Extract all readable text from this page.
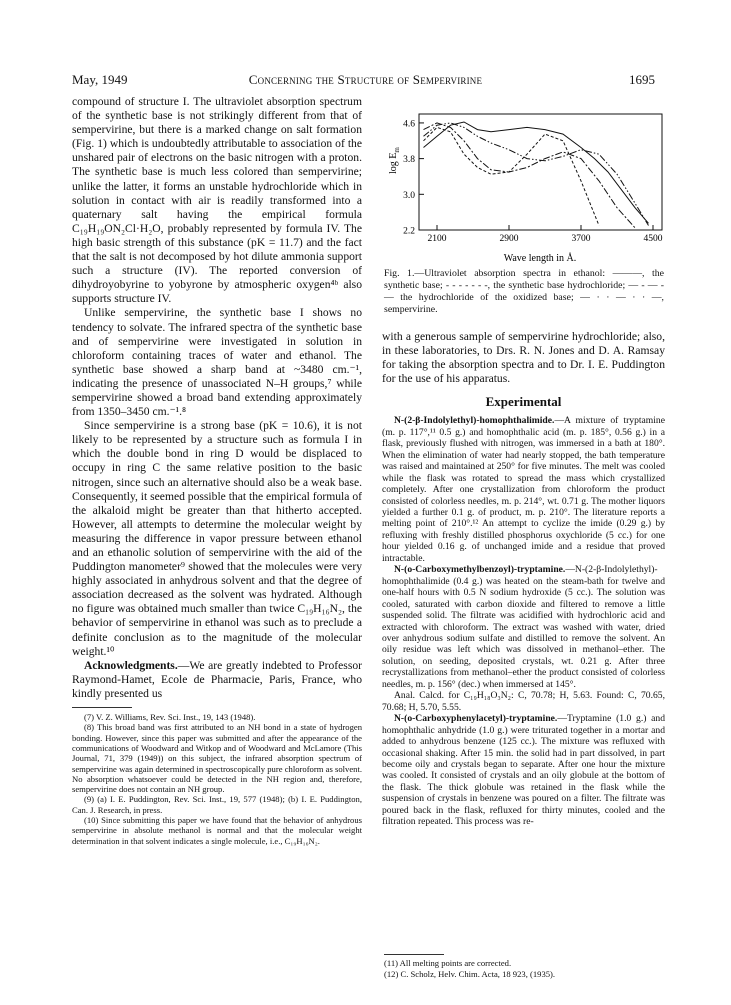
May, 1949	Concerning the Structure of Sempervirine	1695

compound of structure I. The ultraviolet absorption spectrum of the synthetic base is not strikingly different from that of sempervirine, but there is a marked change on salt formation (Fig. 1) which is undoubtedly attributable to association of the unshared pair of electrons on the basic nitrogen with a proton. The synthetic base is much less colored than sempervirine; unlike the latter, it forms an unstable hydrochloride which in solution in contact with air is readily transformed into a quaternary salt having the empirical formula C₁₉H₁₉ON₂Cl·H₂O, probably represented by formula IV. The high basic strength of this substance (pK = 11.7) and the fact that the salt is not decomposed by hot dilute ammonia support such a structure (IV). The reported conversion of dihydroyobyrine to yobyrone by atmospheric oxygen⁴ᵇ also supports structure IV.

Unlike sempervirine, the synthetic base I shows no tendency to solvate. The infrared spectra of the synthetic base and of sempervirine were investigated in solution in chloroform containing traces of water and ethanol. The synthetic base showed a sharp band at ~3480 cm.⁻¹, indicating the presence of unassociated N–H groups,⁷ while sempervirine showed a broad band extending approximately from 1350–3450 cm.⁻¹.⁸

Since sempervirine is a strong base (pK = 10.6), it is not likely to be represented by a structure such as formula I in which the double bond in ring D would be displaced to occupy in ring C the same relative position to the basic nitrogen, since such an alternative should also be a weak base. Consequently, it seemed possible that the empirical formula of the alkaloid might be greater than that hitherto accepted. However, all attempts to determine the molecular weight by measuring the difference in vapor pressure between ethanol and an ethanolic solution of sempervirine with the aid of the Puddington manometer⁹ showed that the molecules were very highly associated in anhydrous solvent and that the degree of association decreased as the solvent was hydrated. Although no figure was obtained much smaller than twice C₁₉H₁₆N₂, the behavior of sempervirine in ethanol was such as to preclude a definite conclusion as to the magnitude of the molecular weight.¹⁰

Acknowledgments.—We are greatly indebted to Professor Raymond-Hamet, Ecole de Pharmacie, Paris, France, who kindly presented us

(7) V. Z. Williams, Rev. Sci. Inst., 19, 143 (1948).

(8) This broad band was first attributed to an NH bond in a state of hydrogen bonding. However, since this paper was submitted and after the appearance of the communications of Woodward and Witkop and of Woodward and McLamore (This Journal, 71, 379 (1949)) on this subject, the infrared absorption spectrum of sempervirine was again determined in spectroscopically pure chloroform as solvent. No absorption whatsoever could be detected in the NH region and, therefore, sempervirine does not contain an NH group.

(9) (a) I. E. Puddington, Rev. Sci. Inst., 19, 577 (1948); (b) I. E. Puddington, Can. J. Research, in press.

(10) Since submitting this paper we have found that the behavior of anhydrous sempervirine in absolute methanol is normal and that the molecular weight determination in that solvent indicates a single molecule, i.e., C₁₉H₁₆N₂.

4.6
3.8
3.0
2.2
2100	2900	3700	4500
$\log E_m$
Wave length in Å.
Fig. 1.—Ultraviolet absorption spectra in ethanol: ———, the synthetic base; - - - - - - -, the synthetic base hydrochloride; — - — - — the hydrochloride of the oxidized base; — · · — · · —, sempervirine.

with a generous sample of sempervirine hydrochloride; also, in these laboratories, to Drs. R. N. Jones and D. A. Ramsay for taking the absorption spectra and to Dr. I. E. Puddington for the use of his apparatus.

Experimental

N-(2-β-Indolylethyl)-homophthalimide.—A mixture of tryptamine (m. p. 117°,¹¹ 0.5 g.) and homophthalic acid (m. p. 185°, 0.56 g.) in a flask, previously flushed with nitrogen, was immersed in a bath at 180°. When the elimination of water had nearly stopped, the bath temperature was raised and maintained at 250° for five minutes. The melt was cooled while the flask was rotated to spread the mass which crystallized completely. After one crystallization from chloroform the product consisted of colorless needles, m. p. 214°, wt. 0.71 g. The mother liquors yielded a further 0.1 g. of product, m. p. 210°. The literature reports a melting point of 210°.¹² An attempt to cyclize the imide (0.29 g.) by refluxing with freshly distilled phosphorus oxychloride (5 cc.) for one hour yielded 0.16 g. of unchanged imide and a residue that proved intractable.

N-(o-Carboxymethylbenzoyl)-tryptamine.—N-(2-β-Indolylethyl)-homophthalimide (0.4 g.) was heated on the steam-bath for twelve and one-half hours with 0.5 N sodium hydroxide (5 cc.). The solution was cooled, saturated with carbon dioxide and filtered to remove a little suspended solid. The filtrate was acidified with hydrochloric acid and extracted with chloroform. The extract was washed with water, dried over anhydrous sodium sulfate and distilled to remove the solvent. An oily residue was left which was dissolved in methanol–ether. The solution, on seeding, deposited crystals, wt. 0.21 g. After three recrystallizations from methanol–ether the product consisted of colorless needles, m. p. 156° (dec.) when immersed at 145°.

Anal. Calcd. for C₁₉H₁₈O₃N₂: C, 70.78; H, 5.63. Found: C, 70.65, 70.68; H, 5.70, 5.55.

N-(o-Carboxyphenylacetyl)-tryptamine.—Tryptamine (1.0 g.) and homophthalic anhydride (1.0 g.) were triturated together in a mortar and added to anhydrous benzene (125 cc.). The mixture was refluxed with occasional shaking. After 15 min. the solid had in part dissolved, in part become oily and crystals began to separate. After one hour the mixture was cooled. It consisted of crystals and an oily globule at the bottom of the flask. The thick globule was retained in the flask while the suspension of crystals in benzene was poured on a filter. The filtrate was poured back in the flask, refluxed for thirty minutes, cooled and the filtration repeated. This process was re-

(11) All melting points are corrected.
(12) C. Scholz, Helv. Chim. Acta, 18 923, (1935).
